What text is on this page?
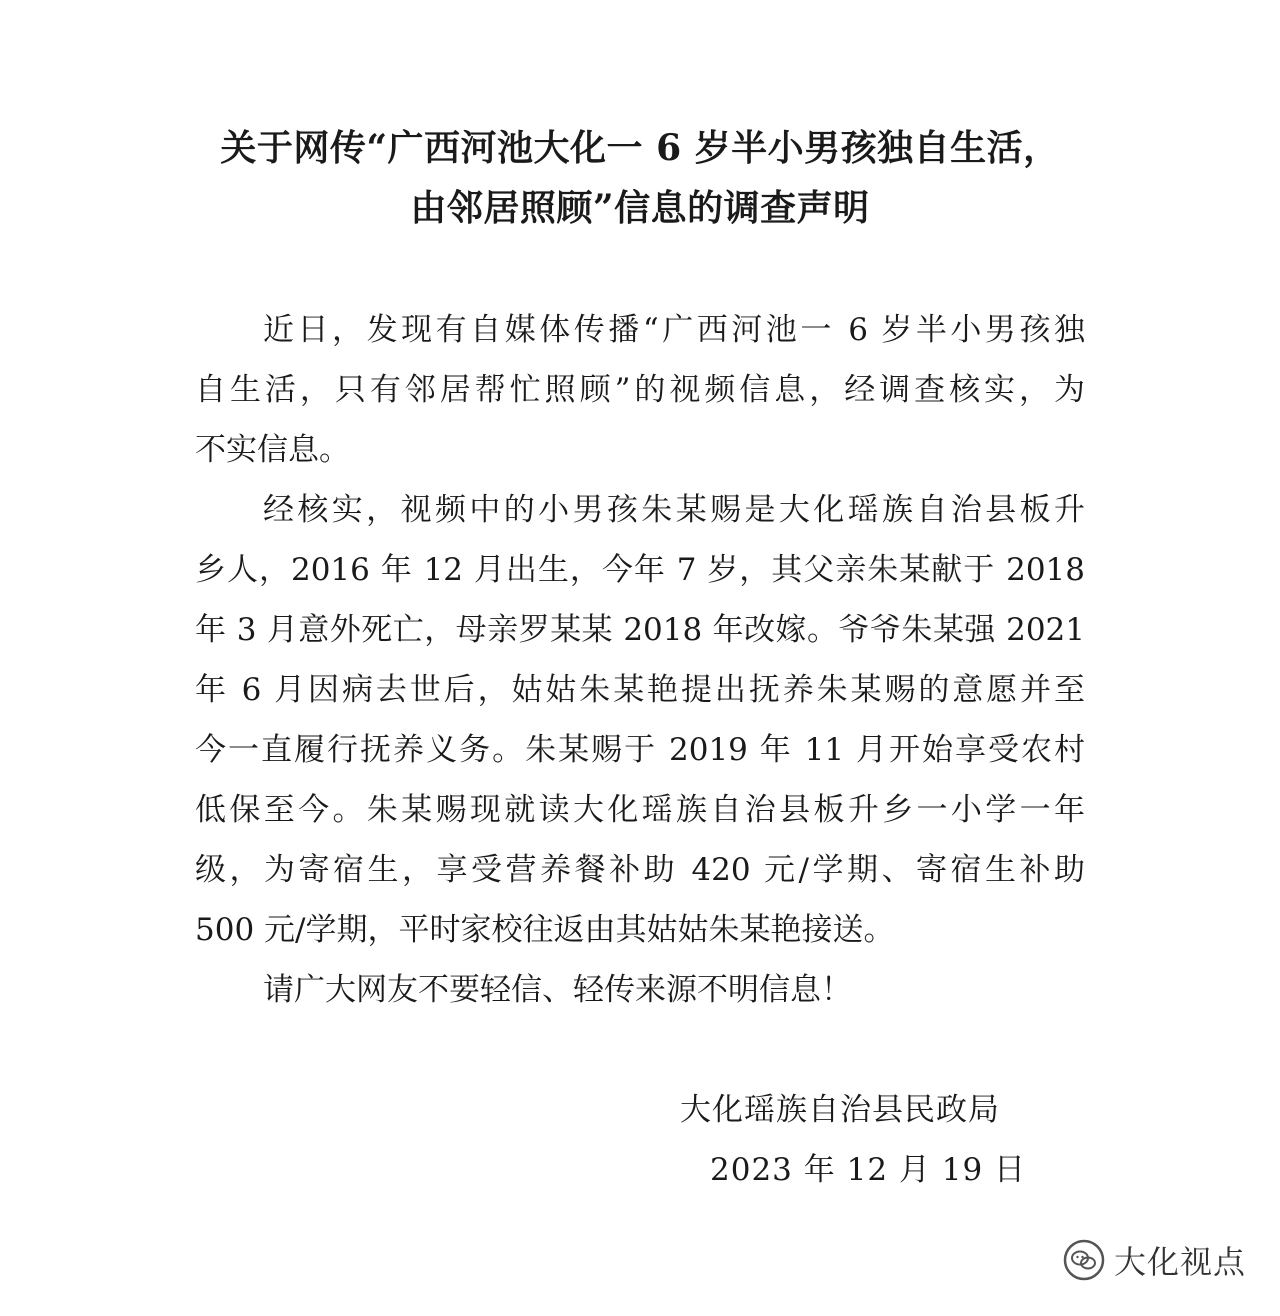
关于网传“广西河池大化一 6 岁半小男孩独自生活，
由邻居照顾”信息的调查声明
近日，发现有自媒体传播“广西河池一 6 岁半小男孩独
自生活，只有邻居帮忙照顾”的视频信息，经调查核实，为
不实信息。
经核实，视频中的小男孩朱某赐是大化瑶族自治县板升
乡人，2016 年 12 月出生，今年 7 岁，其父亲朱某献于 2018
年 3 月意外死亡，母亲罗某某 2018 年改嫁。爷爷朱某强 2021
年 6 月因病去世后，姑姑朱某艳提出抚养朱某赐的意愿并至
今一直履行抚养义务。朱某赐于 2019 年 11 月开始享受农村
低保至今。朱某赐现就读大化瑶族自治县板升乡一小学一年
级，为寄宿生，享受营养餐补助 420 元/学期、寄宿生补助
500 元/学期，平时家校往返由其姑姑朱某艳接送。
请广大网友不要轻信、轻传来源不明信息！
大化瑶族自治县民政局
2023 年 12 月 19 日
大化视点
